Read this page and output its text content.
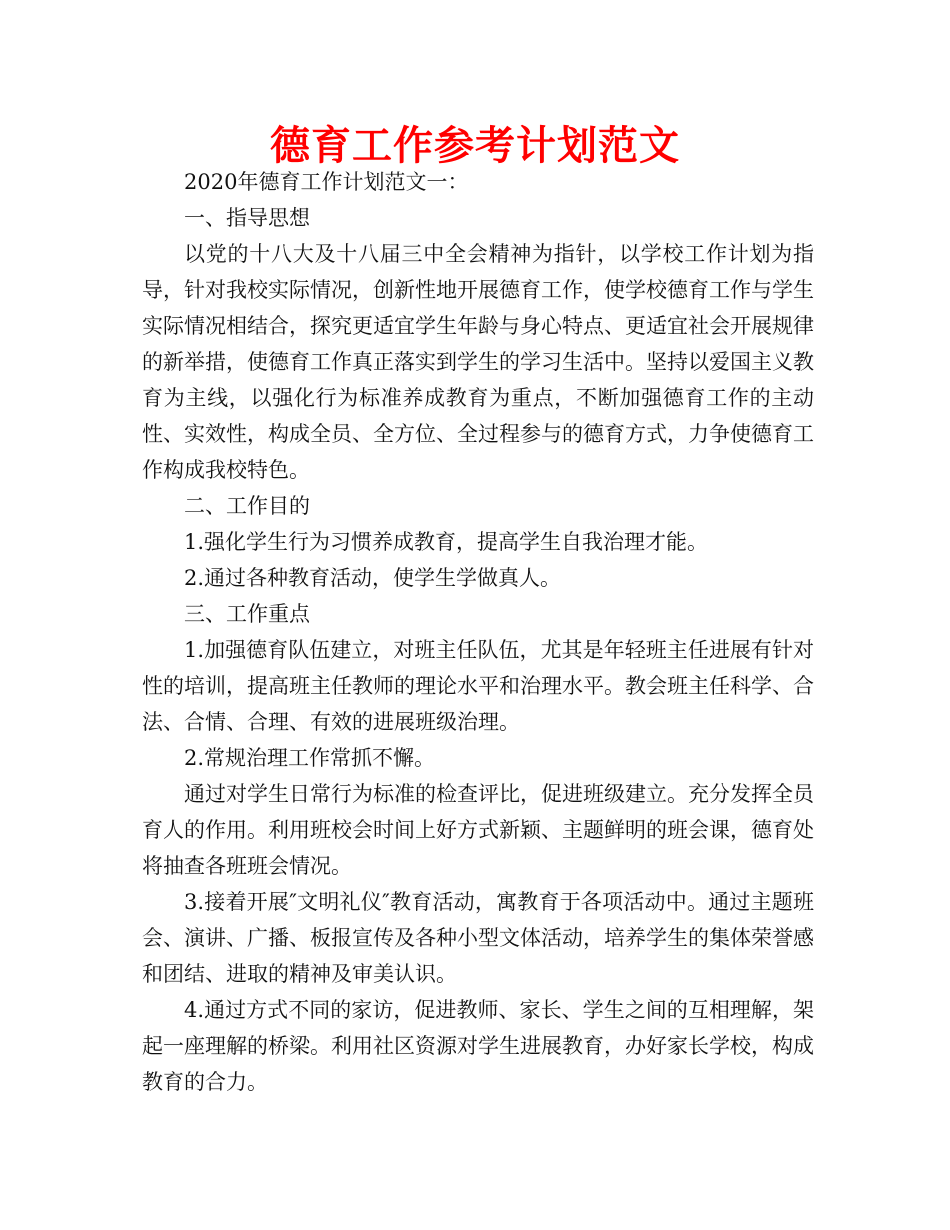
德育工作参考计划范文

2020年德育工作计划范文一：

一、指导思想

以党的十八大及十八届三中全会精神为指针，以学校工作计划为指导，针对我校实际情况，创新性地开展德育工作，使学校德育工作与学生实际情况相结合，探究更适宜学生年龄与身心特点、更适宜社会开展规律的新举措，使德育工作真正落实到学生的学习生活中。坚持以爱国主义教育为主线，以强化行为标准养成教育为重点，不断加强德育工作的主动性、实效性，构成全员、全方位、全过程参与的德育方式，力争使德育工作构成我校特色。

二、工作目的

1.强化学生行为习惯养成教育，提高学生自我治理才能。

2.通过各种教育活动，使学生学做真人。

三、工作重点

1.加强德育队伍建立，对班主任队伍，尤其是年轻班主任进展有针对性的培训，提高班主任教师的理论水平和治理水平。教会班主任科学、合法、合情、合理、有效的进展班级治理。

2.常规治理工作常抓不懈。

通过对学生日常行为标准的检查评比，促进班级建立。充分发挥全员育人的作用。利用班校会时间上好方式新颖、主题鲜明的班会课，德育处将抽查各班班会情况。

3.接着开展″文明礼仪″教育活动，寓教育于各项活动中。通过主题班会、演讲、广播、板报宣传及各种小型文体活动，培养学生的集体荣誉感和团结、进取的精神及审美认识。

4.通过方式不同的家访，促进教师、家长、学生之间的互相理解，架起一座理解的桥梁。利用社区资源对学生进展教育，办好家长学校，构成教育的合力。
